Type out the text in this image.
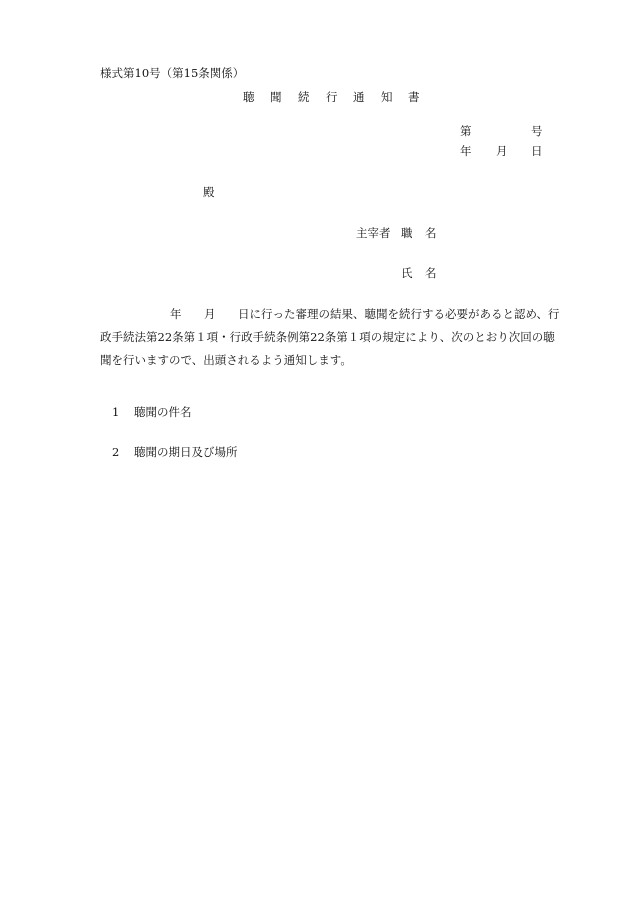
様式第10号（第15条関係）
聴 聞 続 行 通 知 書
第	号
年 月 日
殿
主宰者 職 名
氏 名
年 月 日に行った審理の結果、聴聞を続行する必要があると認め、行
政手続法第22条第１項・行政手続条例第22条第１項の規定により、次のとおり次回の聴
聞を行いますので、出頭されるよう通知します。
1 聴聞の件名
2 聴聞の期日及び場所
